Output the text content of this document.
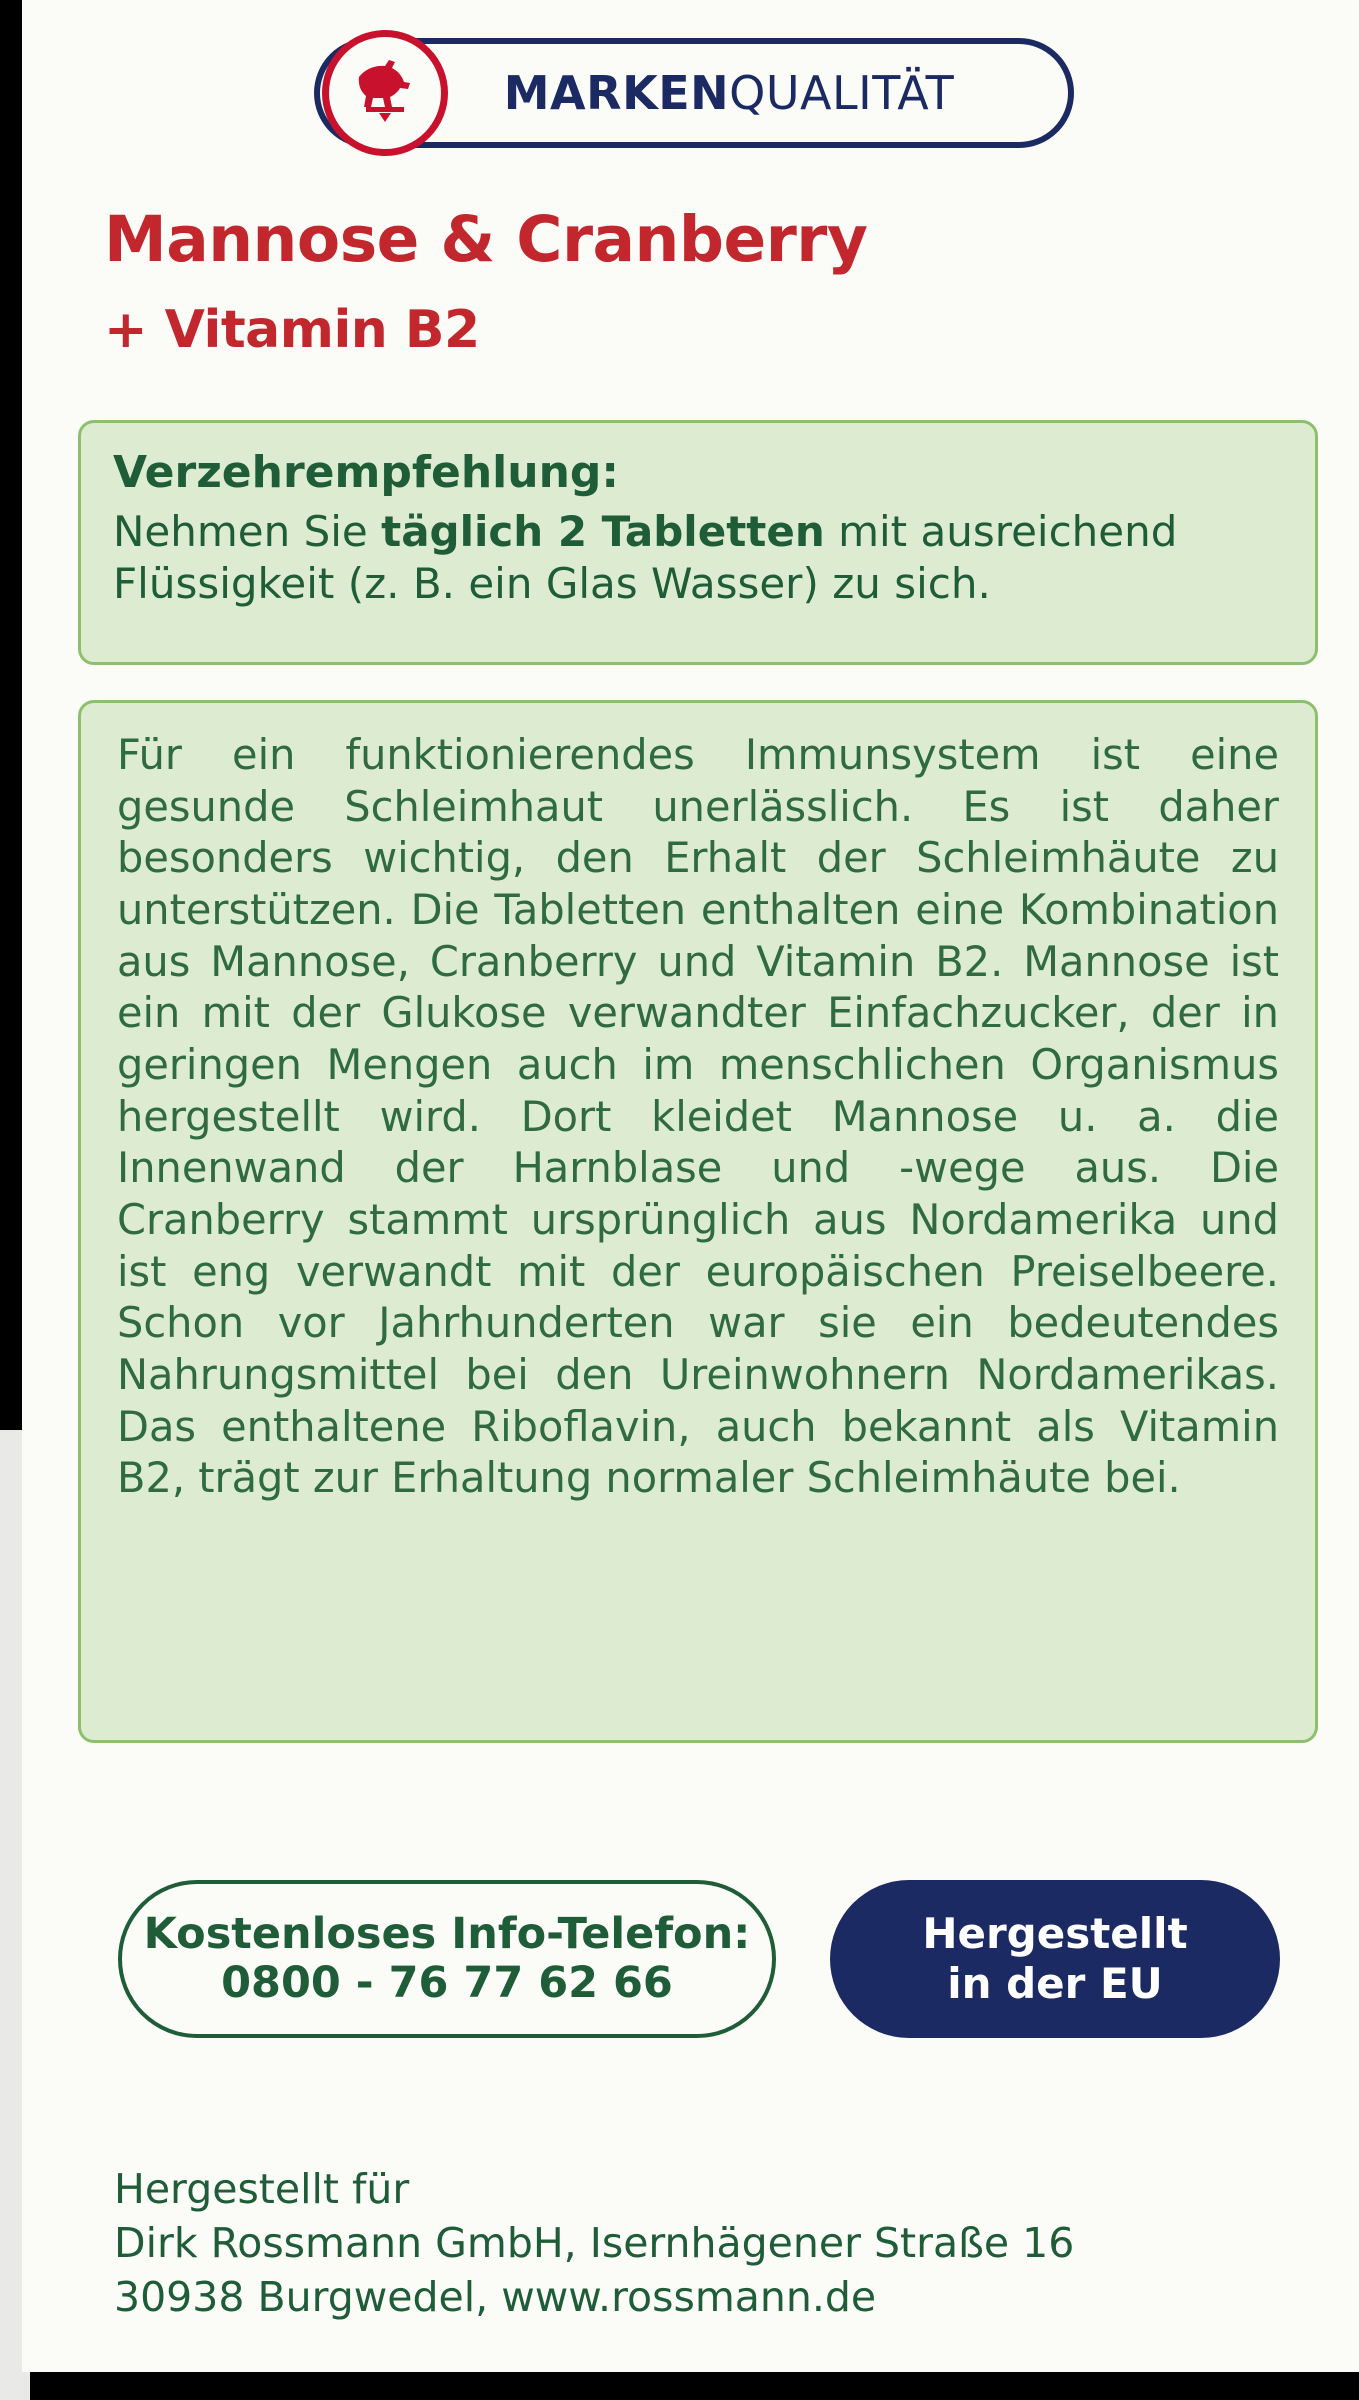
MARKENQUALITÄT
Mannose & Cranberry
+ Vitamin B2
Verzehrempfehlung:
Nehmen Sie täglich 2 Tabletten mit ausreichend Flüssigkeit (z. B. ein Glas Wasser) zu sich.
Für ein funktionierendes Immunsystem ist eine gesunde Schleimhaut unerlässlich. Es ist daher besonders wichtig, den Erhalt der Schleimhäute zu unterstützen. Die Tabletten enthalten eine Kombination aus Mannose, Cranberry und Vitamin B2. Mannose ist ein mit der Glukose verwandter Einfachzucker, der in geringen Mengen auch im menschlichen Organismus hergestellt wird. Dort kleidet Mannose u. a. die Innenwand der Harnblase und -wege aus. Die Cranberry stammt ursprünglich aus Nordamerika und ist eng verwandt mit der europäischen Preiselbeere. Schon vor Jahrhunderten war sie ein bedeutendes Nahrungsmittel bei den Ureinwohnern Nordamerikas. Das enthaltene Riboflavin, auch bekannt als Vitamin B2, trägt zur Erhaltung normaler Schleimhäute bei.
Kostenloses Info-Telefon:
0800 - 76 77 62 66
Hergestellt
in der EU
Hergestellt für
Dirk Rossmann GmbH, Isernhägener Straße 16
30938 Burgwedel, www.rossmann.de
